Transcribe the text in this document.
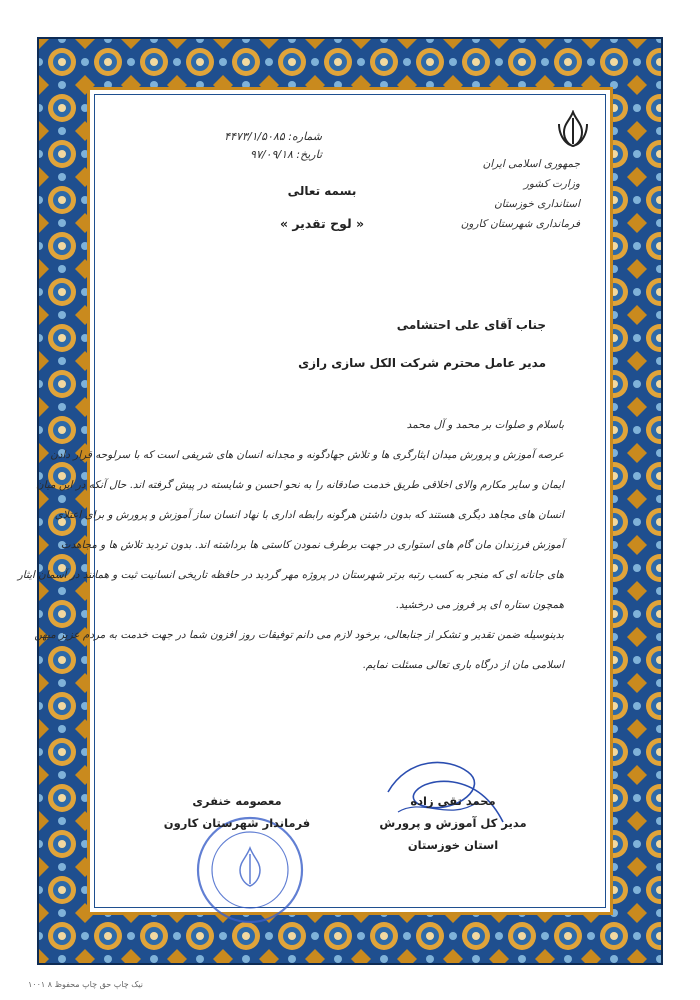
جمهوری اسلامی ایران
وزارت کشور
استانداری خوزستان
فرمانداری شهرستان کارون
شماره: ۴۴۷۳/۱/۵۰۸۵
تاریخ: ۹۷/۰۹/۱۸
بسمه تعالی
« لوح تقدیر »
جناب آقای علی احتشامی
مدیر عامل محترم شرکت الکل سازی رازی

باسلام و صلوات بر محمد و آل محمد

عرصه آموزش و پرورش میدان ایثارگری ها و تلاش جهادگونه و مجدانه انسان های شریفی است که با سرلوحه قرار دادن

ایمان و سایر مکارم والای اخلاقی طریق خدمت صادقانه را به نحو احسن و شایسته در پیش گرفته اند. حال آنکه در این میان

انسان های مجاهد دیگری هستند که بدون داشتن هرگونه رابطه اداری با نهاد انسان ساز آموزش و پرورش و برای اعتلای

آموزش فرزندان مان گام های استواری در جهت برطرف نمودن کاستی ها برداشته اند. بدون تردید تلاش ها و مجاهدت

های جانانه ای که منجر به کسب رتبه برتر شهرستان در پروژه مهر گردید در حافظه تاریخی انسانیت ثبت و همانند در آسمان ایثار

همچون ستاره ای پر فروز می درخشید.

بدینوسیله ضمن تقدیر و تشکر از جنابعالی، برخود لازم می دانم توفیقات روز افزون شما در جهت خدمت به مردم عزیز میهن

اسلامی مان از درگاه باری تعالی مسئلت نمایم.

محمد تقی زاده
مدیر کل آموزش و پرورش
استان خوزستان
معصومه خنفری
فرماندار شهرستان کارون
نیک چاپ حق چاپ محفوظ ۸ ۱۰۰۱
